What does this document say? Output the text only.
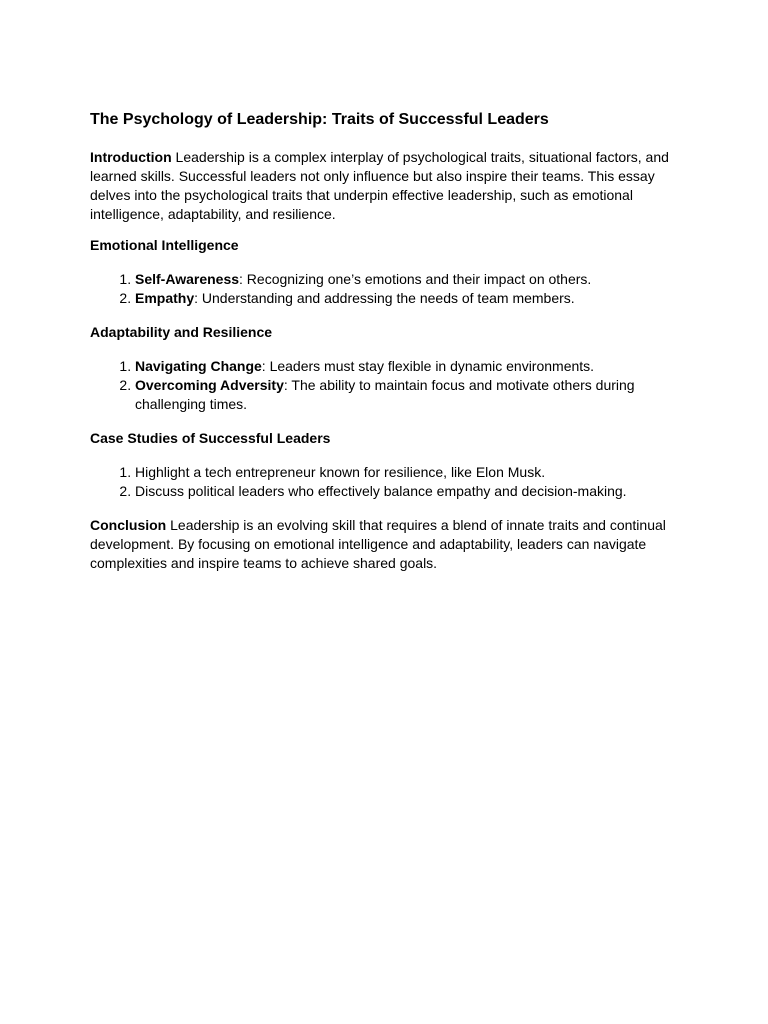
The Psychology of Leadership: Traits of Successful Leaders

Introduction Leadership is a complex interplay of psychological traits, situational factors, and learned skills. Successful leaders not only influence but also inspire their teams. This essay delves into the psychological traits that underpin effective leadership, such as emotional intelligence, adaptability, and resilience.

Emotional Intelligence
1. Self-Awareness: Recognizing one’s emotions and their impact on others.
2. Empathy: Understanding and addressing the needs of team members.
Adaptability and Resilience
1. Navigating Change: Leaders must stay flexible in dynamic environments.
2. Overcoming Adversity: The ability to maintain focus and motivate others during challenging times.
Case Studies of Successful Leaders
1. Highlight a tech entrepreneur known for resilience, like Elon Musk.
2. Discuss political leaders who effectively balance empathy and decision-making.

Conclusion Leadership is an evolving skill that requires a blend of innate traits and continual development. By focusing on emotional intelligence and adaptability, leaders can navigate complexities and inspire teams to achieve shared goals.
